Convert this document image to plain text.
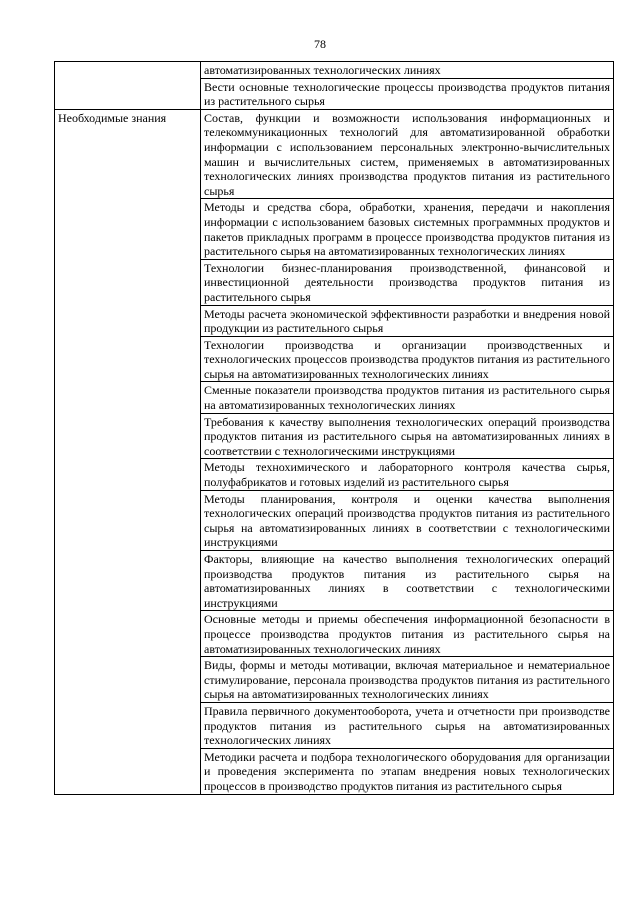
78
	автоматизированных технологических линиях
	Вести основные технологические процессы производства продуктов питания из растительного сырья
Необходимые знания	Состав, функции и возможности использования информационных и телекоммуникационных технологий для автоматизированной обработки информации с использованием персональных электронно-вычислительных машин и вычислительных систем, применяемых в автоматизированных технологических линиях производства продуктов питания из растительного сырья
	Методы и средства сбора, обработки, хранения, передачи и накопления информации с использованием базовых системных программных продуктов и пакетов прикладных программ в процессе производства продуктов питания из растительного сырья на автоматизированных технологических линиях
	Технологии бизнес-планирования производственной, финансовой и инвестиционной деятельности производства продуктов питания из растительного сырья
	Методы расчета экономической эффективности разработки и внедрения новой продукции из растительного сырья
	Технологии производства и организации производственных и технологических процессов производства продуктов питания из растительного сырья на автоматизированных технологических линиях
	Сменные показатели производства продуктов питания из растительного сырья на автоматизированных технологических линиях
	Требования к качеству выполнения технологических операций производства продуктов питания из растительного сырья на автоматизированных линиях в соответствии с технологическими инструкциями
	Методы технохимического и лабораторного контроля качества сырья, полуфабрикатов и готовых изделий из растительного сырья
	Методы планирования, контроля и оценки качества выполнения технологических операций производства продуктов питания из растительного сырья на автоматизированных линиях в соответствии с технологическими инструкциями
	Факторы, влияющие на качество выполнения технологических операций производства продуктов питания из растительного сырья на автоматизированных линиях в соответствии с технологическими инструкциями
	Основные методы и приемы обеспечения информационной безопасности в процессе производства продуктов питания из растительного сырья на автоматизированных технологических линиях
	Виды, формы и методы мотивации, включая материальное и нематериальное стимулирование, персонала производства продуктов питания из растительного сырья на автоматизированных технологических линиях
	Правила первичного документооборота, учета и отчетности при производстве продуктов питания из растительного сырья на автоматизированных технологических линиях
	Методики расчета и подбора технологического оборудования для организации и проведения эксперимента по этапам внедрения новых технологических процессов в производство продуктов питания из растительного сырья
